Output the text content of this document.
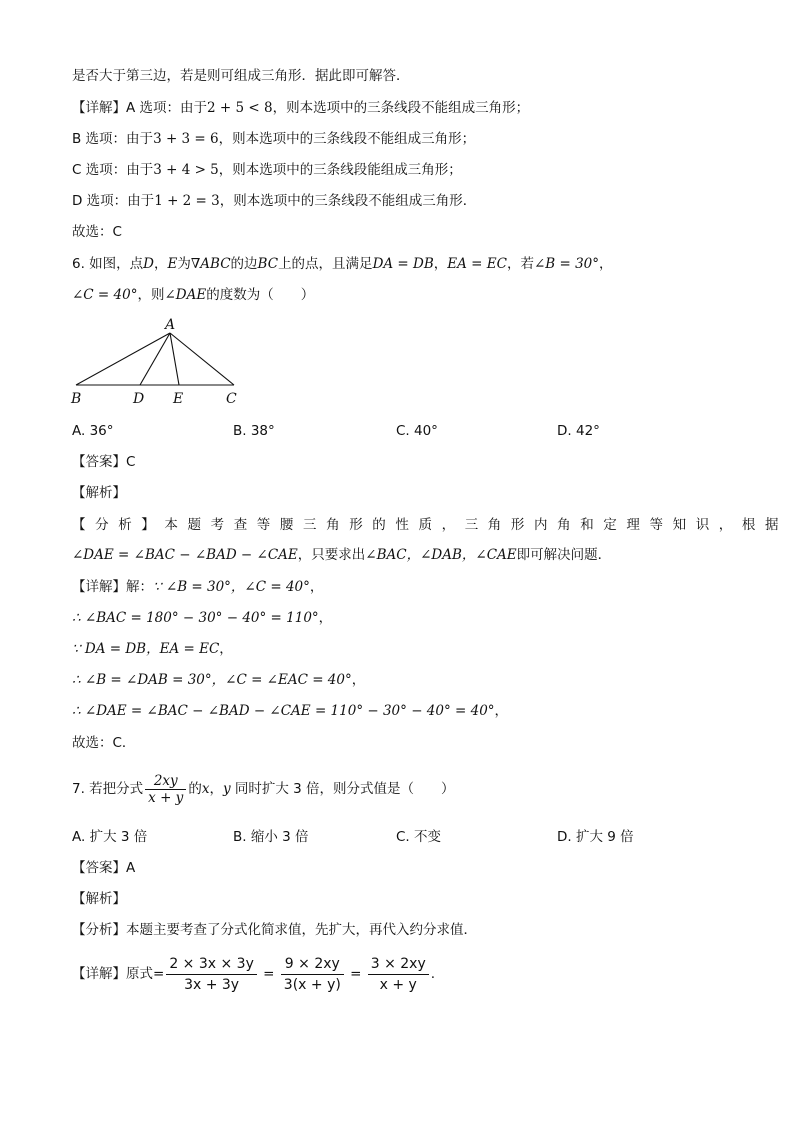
是否大于第三边，若是则可组成三角形．据此即可解答．
【详解】A 选项：由于2 + 5 < 8，则本选项中的三条线段不能组成三角形；
B 选项：由于3 + 3 = 6，则本选项中的三条线段不能组成三角形；
C 选项：由于3 + 4 > 5，则本选项中的三条线段能组成三角形；
D 选项：由于1 + 2 = 3，则本选项中的三条线段不能组成三角形．
故选：C
6. 如图，点D，E为∇ABC的边BC上的点，且满足DA = DB，EA = EC，若∠B = 30°，
∠C = 40°，则∠DAE的度数为（　　）
A
B	D E	C
A. 36°	B. 38°	C. 40°	D. 42°
【答案】C
【解析】
【分析】本题考查等腰三角形的性质，三角形内角和定理等知识，根据
∠DAE = ∠BAC − ∠BAD − ∠CAE，只要求出∠BAC，∠DAB，∠CAE即可解决问题．
【详解】解：∵ ∠B = 30°，∠C = 40°，
∴ ∠BAC = 180° − 30° − 40° = 110°，
∵ DA = DB，EA = EC，
∴ ∠B = ∠DAB = 30°，∠C = ∠EAC = 40°，
∴ ∠DAE = ∠BAC − ∠BAD − ∠CAE = 110° − 30° − 40° = 40°，
故选：C．
7. 若把分式 $\frac{2xy}{x + y}$ 的x，y 同时扩大 3 倍，则分式值是（　　）
A. 扩大 3 倍	B. 缩小 3 倍	C. 不变	D. 扩大 9 倍
【答案】A
【解析】
【分析】本题主要考查了分式化简求值，先扩大，再代入约分求值．
【详解】原式= $\frac{2 \times 3x \times 3y}{3x + 3y} = \frac{9 \times 2xy}{3(x + y)} = \frac{3 \times 2xy}{x + y}$ .
